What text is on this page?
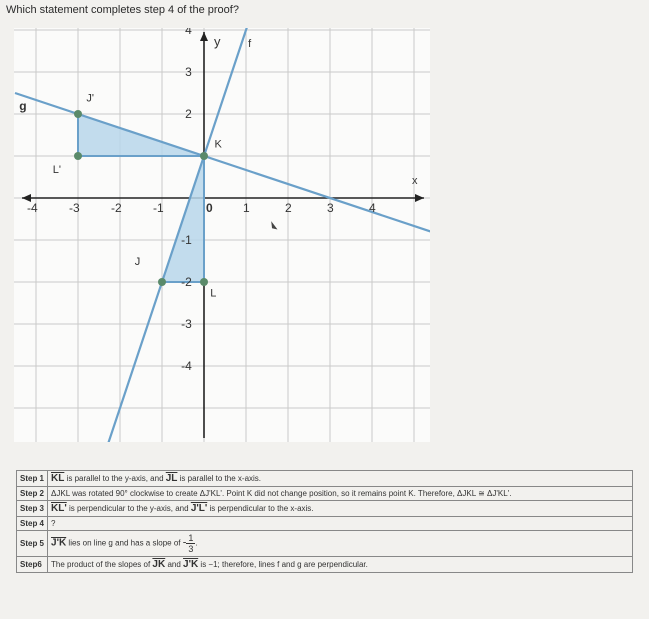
Which statement completes step 4 of the proof?
y
x
f
g
J'
K
L'
J
L
-4	-3	-2	-1	0	1	2	3	4
4
3
2
-1
-2
-3
-4
Step 1	$\overline{KL}$ is parallel to the y-axis, and $\overline{JL}$ is parallel to the x-axis.
Step 2	ΔJKL was rotated 90° clockwise to create ΔJ'KL'. Point K did not change position, so it remains point K. Therefore, ΔJKL ≅ ΔJ'KL'.
Step 3	KL' is perpendicular to the y-axis, and J'L' is perpendicular to the x-axis.
Step 4	?
Step 5	J'K lies on line g and has a slope of - $\frac{1}{3}$ .
Step6	The product of the slopes of $\overline{JK}$ and J'K is −1; therefore, lines f and g are perpendicular.
